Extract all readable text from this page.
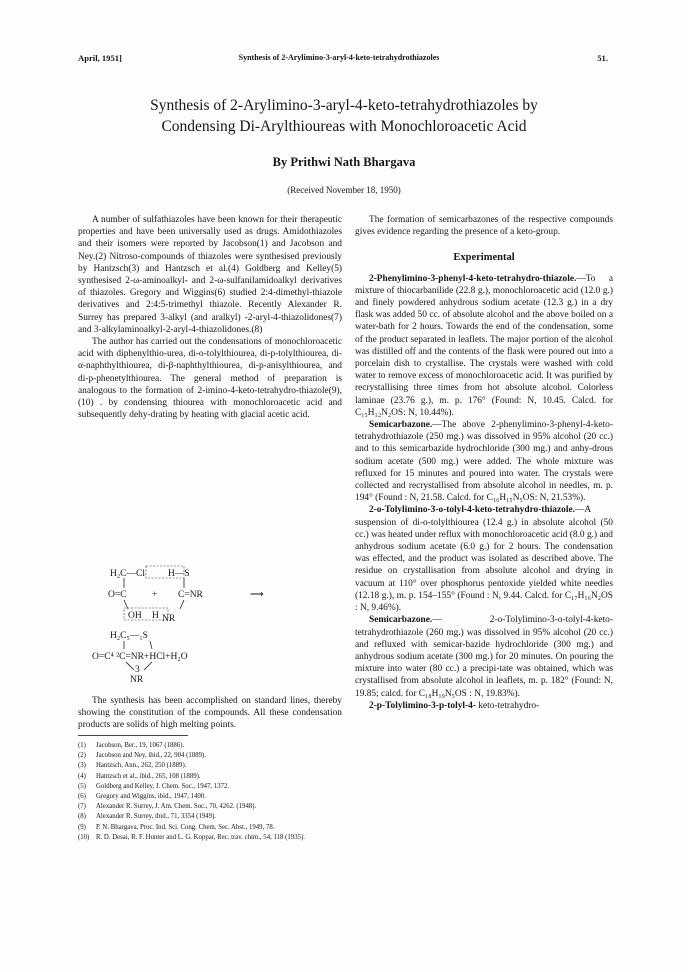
April, 1951]	Synthesis of 2-Arylimino-3-aryl-4-keto-tetrahydrothiazoles	51.
Synthesis of 2-Arylimino-3-aryl-4-keto-tetrahydrothiazoles by
Condensing Di-Arylthioureas with Monochloroacetic Acid

By Prithwi Nath Bhargava

(Received November 18, 1950)

A number of sulfathiazoles have been known for their therapeutic properties and have been universally used as drugs. Amidothiazoles and their isomers were reported by Jacobson(1) and Jacobson and Ney.(2) Nitroso-compounds of thiazoles were synthesised previously by Hantzsch(3) and Hantzsch et al.(4) Goldberg and Kelley(5) synthesised 2-ω-aminoalkyl- and 2-ω-sulfanilamidoalkyl derivatives of thiazoles. Gregory and Wiggins(6) studied 2:4-dimethyl-thiazole derivatives and 2:4:5-trimethyl thiazole. Recently Alexander R. Surrey has prepared 3-alkyl (and aralkyl) -2-aryl-4-thiazolidones(7) and 3-alkylaminoalkyl-2-aryl-4-thiazolidones.(8)

The author has carried out the condensations of monochloroacetic acid with diphenylthio-urea, di-o-tolylthiourea, di-p-tolylthiourea, di-α-naphthylthiourea, di-β-naphthylthiourea, di-p-anisylthiourea, and di-p-phenetylthiourea. The general method of preparation is analogous to the formation of 2-imino-4-keto-tetrahydro-thiazole(9),(10) . by condensing thiourea with monochloroacetic acid and subsequently dehy-drating by heating with glacial acetic acid.

H₂C—Cl H—S
O=C	+ C=NR	⟶
OH H NR
H₂C₅—₁S
O=C⁴ ²C=NR+HCl+H₂O
3
NR

The synthesis has been accomplished on standard lines, thereby showing the constitution of the compounds. All these condensation products are solids of high melting points.

(1) Jacobson, Ber., 19, 1067 (1886).
(2) Jacobson and Ney, ibid., 22, 904 (1889).
(3) Hantzsch, Ann., 262, 250 (1889).
(4) Hantzsch et al., ibid., 265, 108 (1889).
(5) Goldberg and Kelley, J. Chem. Soc., 1947, 1372.
(6) Gregory and Wiggins, ibid., 1947, 1400.
(7) Alexander R. Surrey, J. Am. Chem. Soc., 70, 4262. (1948).
(8) Alexander R. Surrey, ibid., 71, 3354 (1949).
(9) P. N. Bhargava, Proc. Ind. Sci. Cong. Chem. Sec. Abst., 1949, 78.
(10) R. D. Desai, R. F. Hunter and L. G. Koppar, Rec. trav. chim., 54, 118 (1935).

The formation of semicarbazones of the respective compounds gives evidence regarding the presence of a keto-group.

Experimental

2-Phenylimino-3-phenyl-4-keto-tetrahydro-thiazole.—To a mixture of thiocarbanilide (22.8 g.), monochloroacetic acid (12.0 g.) and finely powdered anhydrous sodium acetate (12.3 g.) in a dry flask was added 50 cc. of absolute alcohol and the above boiled on a water-bath for 2 hours. Towards the end of the condensation, some of the product separated in leaflets. The major portion of the alcohol was distilled off and the contents of the flask were poured out into a porcelain dish to crystallise. The crystals were washed with cold water to remove excess of monochloroacetic acid. It was purified by recrystallising three times from hot absolute alcohol. Colorless laminae (23.76 g.), m. p. 176° (Found: N, 10.45. Calcd. for C₁₅H₁₂N₂OS: N, 10.44%).

Semicarbazone.—The above 2-phenylimino-3-phenyl-4-keto-tetrahydrothiazole (250 mg.) was dissolved in 95% alcohol (20 cc.) and to this semicarbazide hydrochloride (300 mg.) and anhy-drous sodium acetate (500 mg.) were added. The whole mixture was refluxed for 15 minutes and poured into water. The crystals were collected and recrystallised from absolute alcohol in needles, m. p. 194° (Found : N, 21.58. Calcd. for C₁₆H₁₅N₅OS: N, 21.53%).

2-o-Tolylimino-3-o-tolyl-4-keto-tetrahydro-thiazole.—A suspension of di-o-tolylthiourea (12.4 g.) in absolute alcohol (50 cc.) was heated under reflux with monochloroacetic acid (8.0 g.) and anhydrous sodium acetate (6.0 g.) for 2 hours. The condensation was effected, and the product was isolated as described above. The residue on crystallisation from absolute alcohol and drying in vacuum at 110° over phosphorus pentoxide yielded white needles (12.18 g.), m. p. 154–155° (Found : N, 9.44. Calcd. for C₁₇H₁₆N₂OS : N, 9.46%).

Semicarbazone.— 2-o-Tolylimino-3-o-tolyl-4-keto-tetrahydrothiazole (260 mg.) was dissolved in 95% alcohol (20 cc.) and refluxed with semicar-bazide hydrochloride (300 mg.) and anhydrous sodium acetate (300 mg.) for 20 minutes. On pouring the mixture into water (80 cc.) a precipi-tate was obtained, which was crystallised from absolute alcohol in leaflets, m. p. 182° (Found: N, 19.85; calcd. for C₁₈H₁₉N₅OS : N, 19.83%).

2-p-Tolylimino-3-p-tolyl-4- keto-tetrahydro-
